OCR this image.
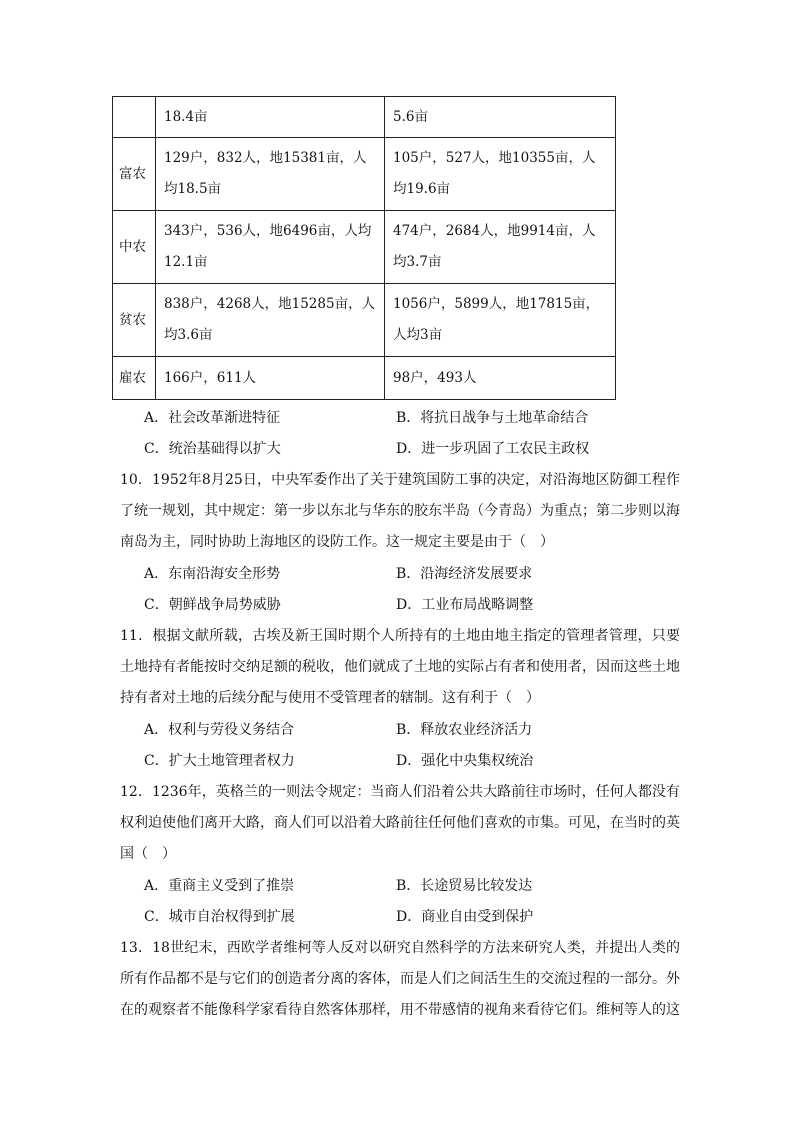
	18.4亩	5.6亩
富农	129户，832人，地15381亩，人均18.5亩	105户，527人，地10355亩，人均19.6亩
中农	343户，536人，地6496亩，人均12.1亩	474户，2684人，地9914亩，人均3.7亩
贫农	838户，4268人，地15285亩，人均3.6亩	1056户，5899人，地17815亩，人均3亩
雇农	166户，611人	98户，493人
A．社会改革渐进特征	B．将抗日战争与土地革命结合
C．统治基础得以扩大	D．进一步巩固了工农民主政权
10．1952年8月25日，中央军委作出了关于建筑国防工事的决定，对沿海地区防御工程作了统一规划，其中规定：第一步以东北与华东的胶东半岛（今青岛）为重点；第二步则以海南岛为主，同时协助上海地区的设防工作。这一规定主要是由于（　）
A．东南沿海安全形势	B．沿海经济发展要求
C．朝鲜战争局势威胁	D．工业布局战略调整
11．根据文献所载，古埃及新王国时期个人所持有的土地由地主指定的管理者管理，只要土地持有者能按时交纳足额的税收，他们就成了土地的实际占有者和使用者，因而这些土地持有者对土地的后续分配与使用不受管理者的辖制。这有利于（　）
A．权利与劳役义务结合	B．释放农业经济活力
C．扩大土地管理者权力	D．强化中央集权统治
12．1236年，英格兰的一则法令规定：当商人们沿着公共大路前往市场时，任何人都没有权利迫使他们离开大路，商人们可以沿着大路前往任何他们喜欢的市集。可见，在当时的英国（　）
A．重商主义受到了推崇	B．长途贸易比较发达
C．城市自治权得到扩展	D．商业自由受到保护
13．18世纪末，西欧学者维柯等人反对以研究自然科学的方法来研究人类，并提出人类的所有作品都不是与它们的创造者分离的客体，而是人们之间活生生的交流过程的一部分。外在的观察者不能像科学家看待自然客体那样，用不带感情的视角来看待它们。维柯等人的这
